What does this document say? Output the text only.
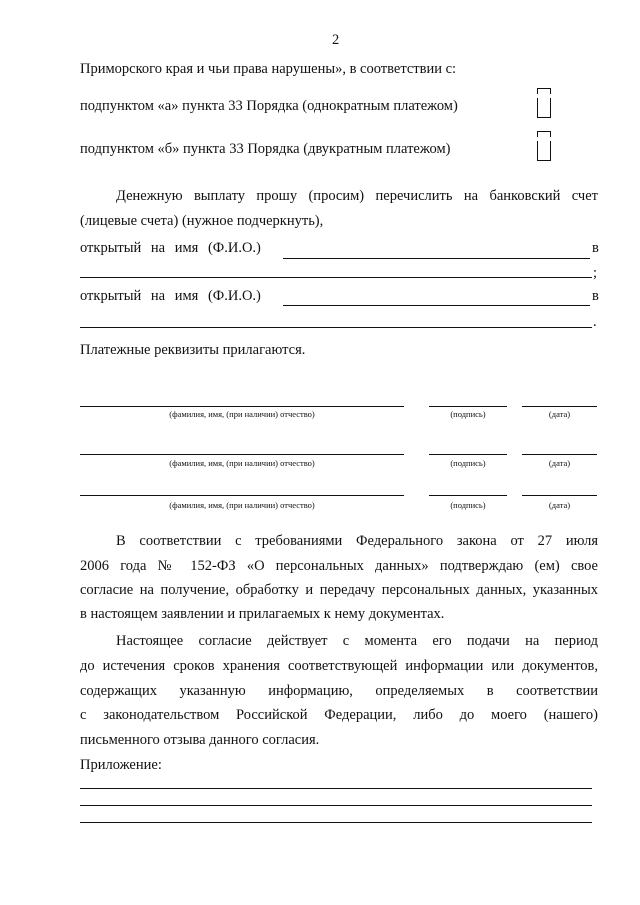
2
Приморского края и чьи права нарушены», в соответствии с:
подпунктом «а» пункта 33 Порядка (однократным платежом)
подпунктом «б» пункта 33 Порядка (двукратным платежом)
Денежную выплату прошу (просим) перечислить на банковский счет
(лицевые счета) (нужное подчеркнуть),
открытый на имя (Ф.И.О.)	в
;
открытый на имя (Ф.И.О.)	в
.
Платежные реквизиты прилагаются.
(фамилия, имя, (при наличии) отчество)	(подпись)	(дата)
(фамилия, имя, (при наличии) отчество)	(подпись)	(дата)
(фамилия, имя, (при наличии) отчество)	(подпись)	(дата)
В соответствии с требованиями Федерального закона от 27 июля
2006 года № 152-ФЗ «О персональных данных» подтверждаю (ем) свое
согласие на получение, обработку и передачу персональных данных, указанных
в настоящем заявлении и прилагаемых к нему документах.
Настоящее согласие действует с момента его подачи на период
до истечения сроков хранения соответствующей информации или документов,
содержащих указанную информацию, определяемых в соответствии
с законодательством Российской Федерации, либо до моего (нашего)
письменного отзыва данного согласия.
Приложение:
